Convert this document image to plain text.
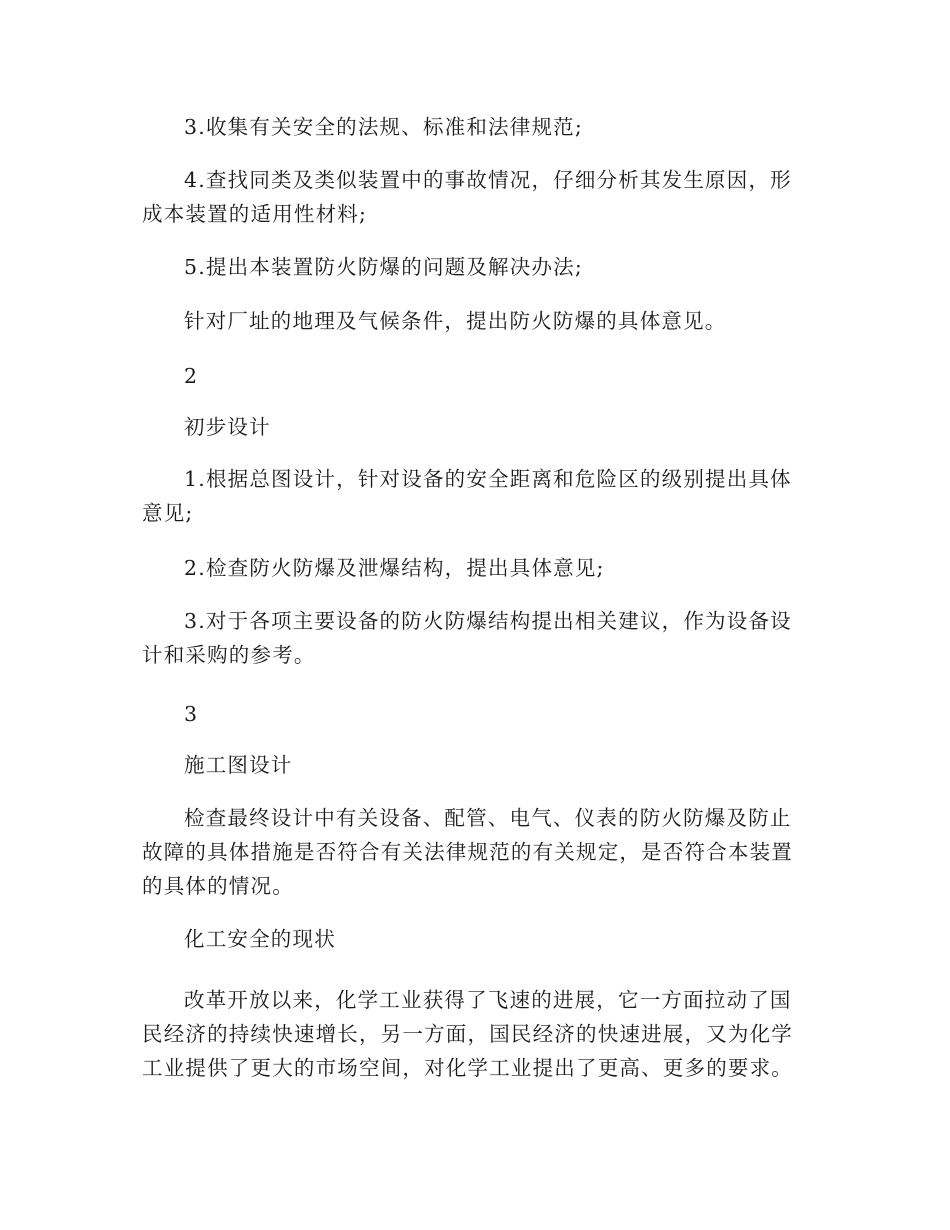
3.收集有关安全的法规、标准和法律规范;

4.查找同类及类似装置中的事故情况，仔细分析其发生原因，形成本装置的适用性材料;

5.提出本装置防火防爆的问题及解决办法;

针对厂址的地理及气候条件，提出防火防爆的具体意见。

2

初步设计

1.根据总图设计，针对设备的安全距离和危险区的级别提出具体意见;

2.检查防火防爆及泄爆结构，提出具体意见;

3.对于各项主要设备的防火防爆结构提出相关建议，作为设备设计和采购的参考。

3

施工图设计

检查最终设计中有关设备、配管、电气、仪表的防火防爆及防止故障的具体措施是否符合有关法律规范的有关规定，是否符合本装置的具体的情况。

化工安全的现状

改革开放以来，化学工业获得了飞速的进展，它一方面拉动了国民经济的持续快速增长，另一方面，国民经济的快速进展，又为化学工业提供了更大的市场空间，对化学工业提出了更高、更多的要求。
